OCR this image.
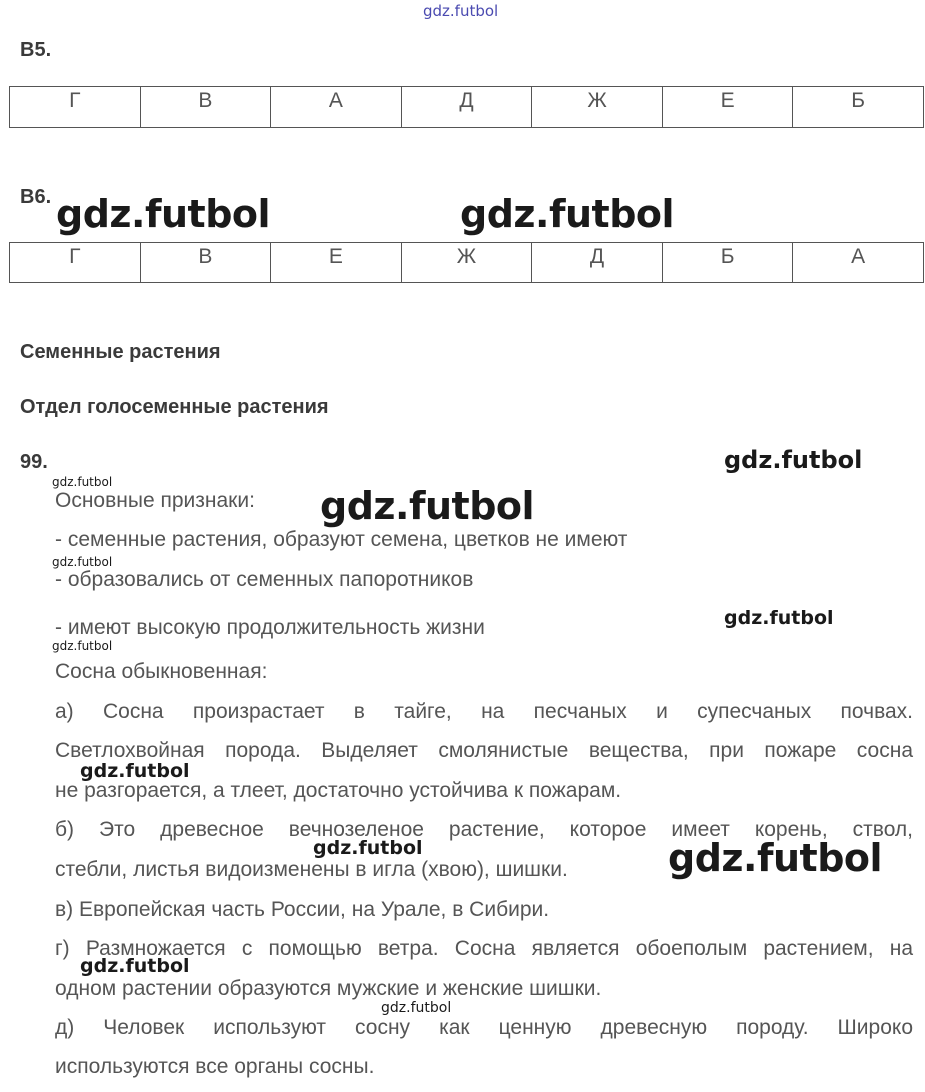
gdz.futbol
B5.
Г	В	А	Д	Ж	Е	Б
B6.
Г	В	Е	Ж	Д	Б	А
Семенные растения
Отдел голосеменные растения
99.
Основные признаки:
- семенные растения, образуют семена, цветков не имеют
- образовались от семенных папоротников
- имеют высокую продолжительность жизни
Сосна обыкновенная:
а) Сосна произрастает в тайге, на песчаных и супесчаных почвах.
Светлохвойная порода. Выделяет смолянистые вещества, при пожаре сосна
не разгорается, а тлеет, достаточно устойчива к пожарам.
б) Это древесное вечнозеленое растение, которое имеет корень, ствол,
стебли, листья видоизменены в игла (хвою), шишки.
в) Европейская часть России, на Урале, в Сибири.
г) Размножается с помощью ветра. Сосна является обоеполым растением, на
одном растении образуются мужские и женские шишки.
д) Человек используют сосну как ценную древесную породу. Широко
используются все органы сосны.
gdz.futbol	gdz.futbol
gdz.futbol
gdz.futbol
gdz.futbol
gdz.futbol
gdz.futbol
gdz.futbol
gdz.futbol
gdz.futbol
gdz.futbol
gdz.futbol
gdz.futbol
